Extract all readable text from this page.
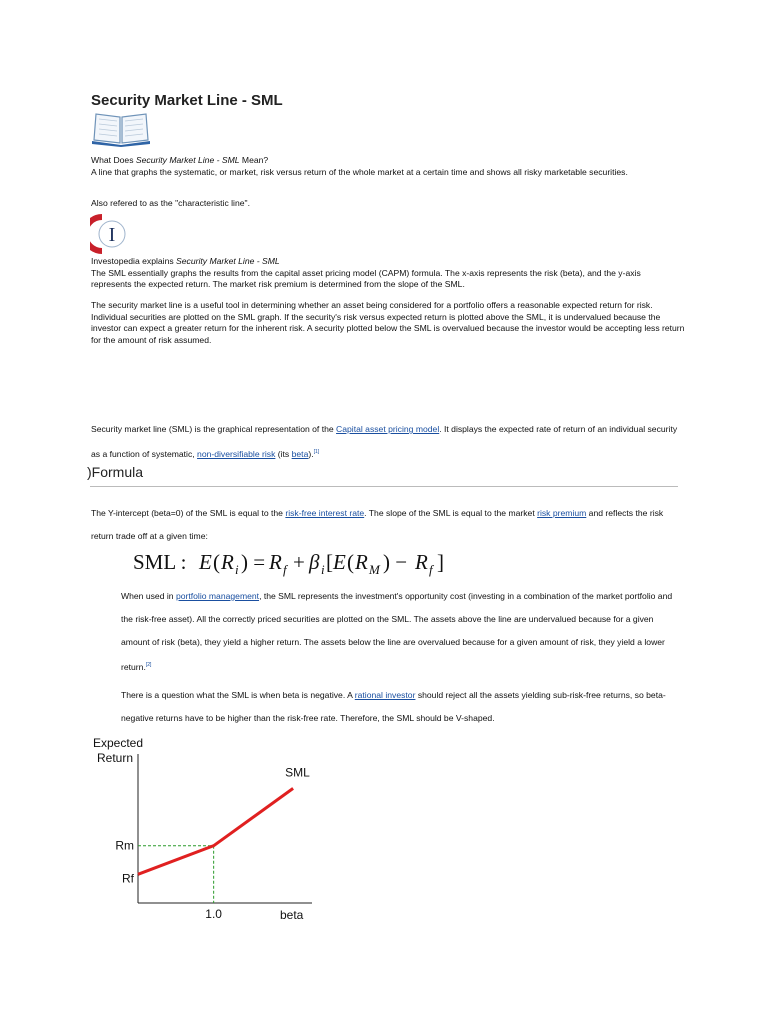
Security Market Line - SML
What Does Security Market Line - SML Mean?
A line that graphs the systematic, or market, risk versus return of the whole market at a certain time and shows all risky marketable securities.
Also refered to as the "characteristic line".
I
Investopedia explains Security Market Line - SML
The SML essentially graphs the results from the capital asset pricing model (CAPM) formula. The x-axis represents the risk (beta), and the y-axis represents the expected return. The market risk premium is determined from the slope of the SML.
The security market line is a useful tool in determining whether an asset being considered for a portfolio offers a reasonable expected return for risk. Individual securities are plotted on the SML graph. If the security's risk versus expected return is plotted above the SML, it is undervalued because the investor can expect a greater return for the inherent risk. A security plotted below the SML is overvalued because the investor would be accepting less return for the amount of risk assumed.
Security market line (SML) is the graphical representation of the Capital asset pricing model. It displays the expected rate of return of an individual security as a function of systematic, non-diversifiable risk (its beta).[1]
)Formula
The Y-intercept (beta=0) of the SML is equal to the risk-free interest rate. The slope of the SML is equal to the market risk premium and reflects the risk return trade off at a given time:
SML : E ( R i ) = R f + β i [ E ( R M ) − R f ]
When used in portfolio management, the SML represents the investment's opportunity cost (investing in a combination of the market portfolio and the risk-free asset). All the correctly priced securities are plotted on the SML. The assets above the line are undervalued because for a given amount of risk (beta), they yield a higher return. The assets below the line are overvalued because for a given amount of risk, they yield a lower return.[2]
There is a question what the SML is when beta is negative. A rational investor should reject all the assets yielding sub-risk-free returns, so beta-negative returns have to be higher than the risk-free rate. Therefore, the SML should be V-shaped.
Expected
Return
Rm
Rf
1.0	beta
SML
